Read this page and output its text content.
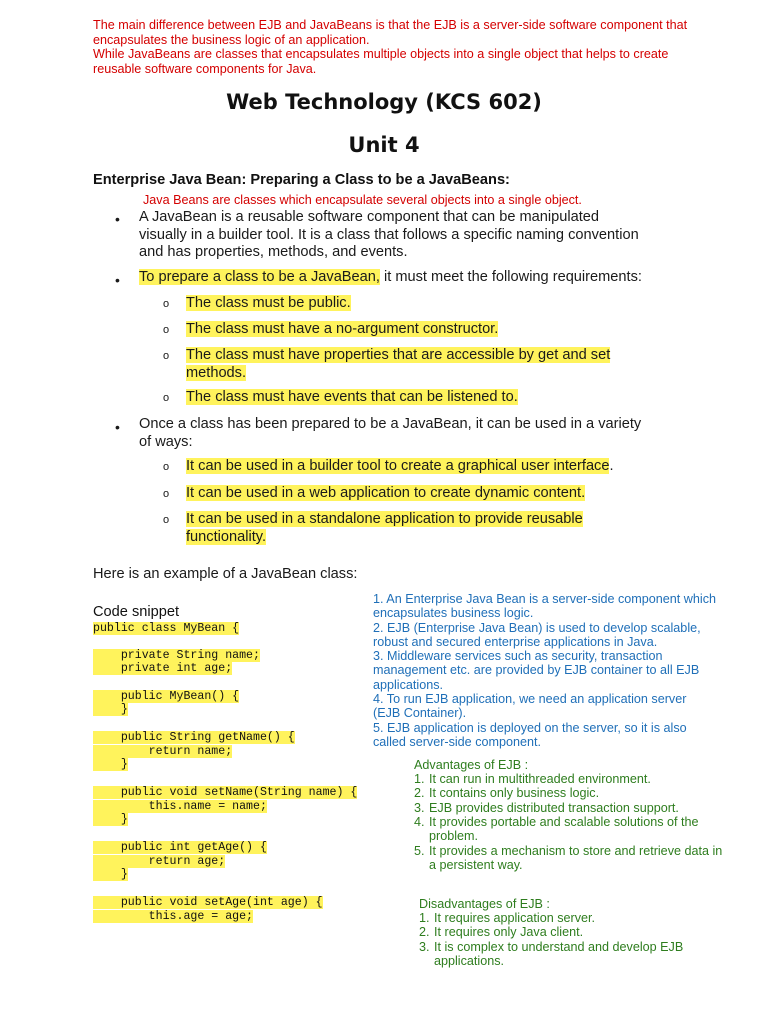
The main difference between EJB and JavaBeans is that the EJB is a server-side software component that
encapsulates the business logic of an application.
While JavaBeans are classes that encapsulates multiple objects into a single object that helps to create
reusable software components for Java.
Web Technology (KCS 602)
Unit 4
Enterprise Java Bean: Preparing a Class to be a JavaBeans:
Java Beans are classes which encapsulate several objects into a single object.
• A JavaBean is a reusable software component that can be manipulated
visually in a builder tool. It is a class that follows a specific naming convention
and has properties, methods, and events.
• To prepare a class to be a JavaBean, it must meet the following requirements:
o The class must be public.
o The class must have a no-argument constructor.
o The class must have properties that are accessible by get and set
methods.
o The class must have events that can be listened to.
• Once a class has been prepared to be a JavaBean, it can be used in a variety
of ways:
o It can be used in a builder tool to create a graphical user interface.
o It can be used in a web application to create dynamic content.
o It can be used in a standalone application to provide reusable
functionality.
Here is an example of a JavaBean class:
Code snippet
public class MyBean {
private String name;
private int age;
public MyBean() {
}
public String getName() {
return name;
}
public void setName(String name) {
this.name = name;
}
public int getAge() {
return age;
}
public void setAge(int age) {
this.age = age;
1. An Enterprise Java Bean is a server-side component which
encapsulates business logic.
2. EJB (Enterprise Java Bean) is used to develop scalable,
robust and secured enterprise applications in Java.
3. Middleware services such as security, transaction
management etc. are provided by EJB container to all EJB
applications.
4. To run EJB application, we need an application server
(EJB Container).
5. EJB application is deployed on the server, so it is also
called server-side component.
Advantages of EJB :
1. It can run in multithreaded environment.
2. It contains only business logic.
3. EJB provides distributed transaction support.
4. It provides portable and scalable solutions of the
problem.
5. It provides a mechanism to store and retrieve data in
a persistent way.
Disadvantages of EJB :
1. It requires application server.
2. It requires only Java client.
3. It is complex to understand and develop EJB
applications.
